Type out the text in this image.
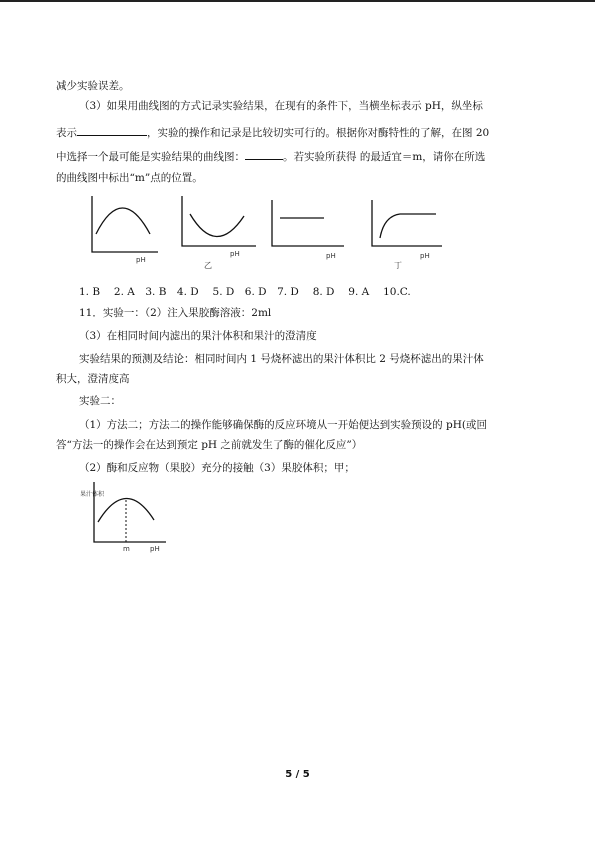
减少实验误差。
（3）如果用曲线图的方式记录实验结果，在现有的条件下，当横坐标表示 pH，纵坐标
表示	，实验的操作和记录是比较切实可行的。根据你对酶特性的了解，在图 20
中选择一个最可能是实验结果的曲线图：	。若实验所获得 的最适宜＝m，请你在所选
的曲线图中标出“m”点的位置。
pH
pH
乙
pH	pH
丁
1. B　 2. A　3. B　4. D　 5. D　6. D　7. D　 8. D　 9. A　 10.C.
11．实验一：（2）注入果胶酶溶液：2ml
（3）在相同时间内滤出的果汁体积和果汁的澄清度
实验结果的预测及结论：相同时间内 1 号烧杯滤出的果汁体积比 2 号烧杯滤出的果汁体
积大，澄清度高
实验二：
（1）方法二；方法二的操作能够确保酶的反应环境从一开始便达到实验预设的 pH(或回
答“方法一的操作会在达到预定 pH 之前就发生了酶的催化反应”）
（2）酶和反应物（果胶）充分的接触（3）果胶体积；甲；
果汁体积
m	pH
5 / 5
